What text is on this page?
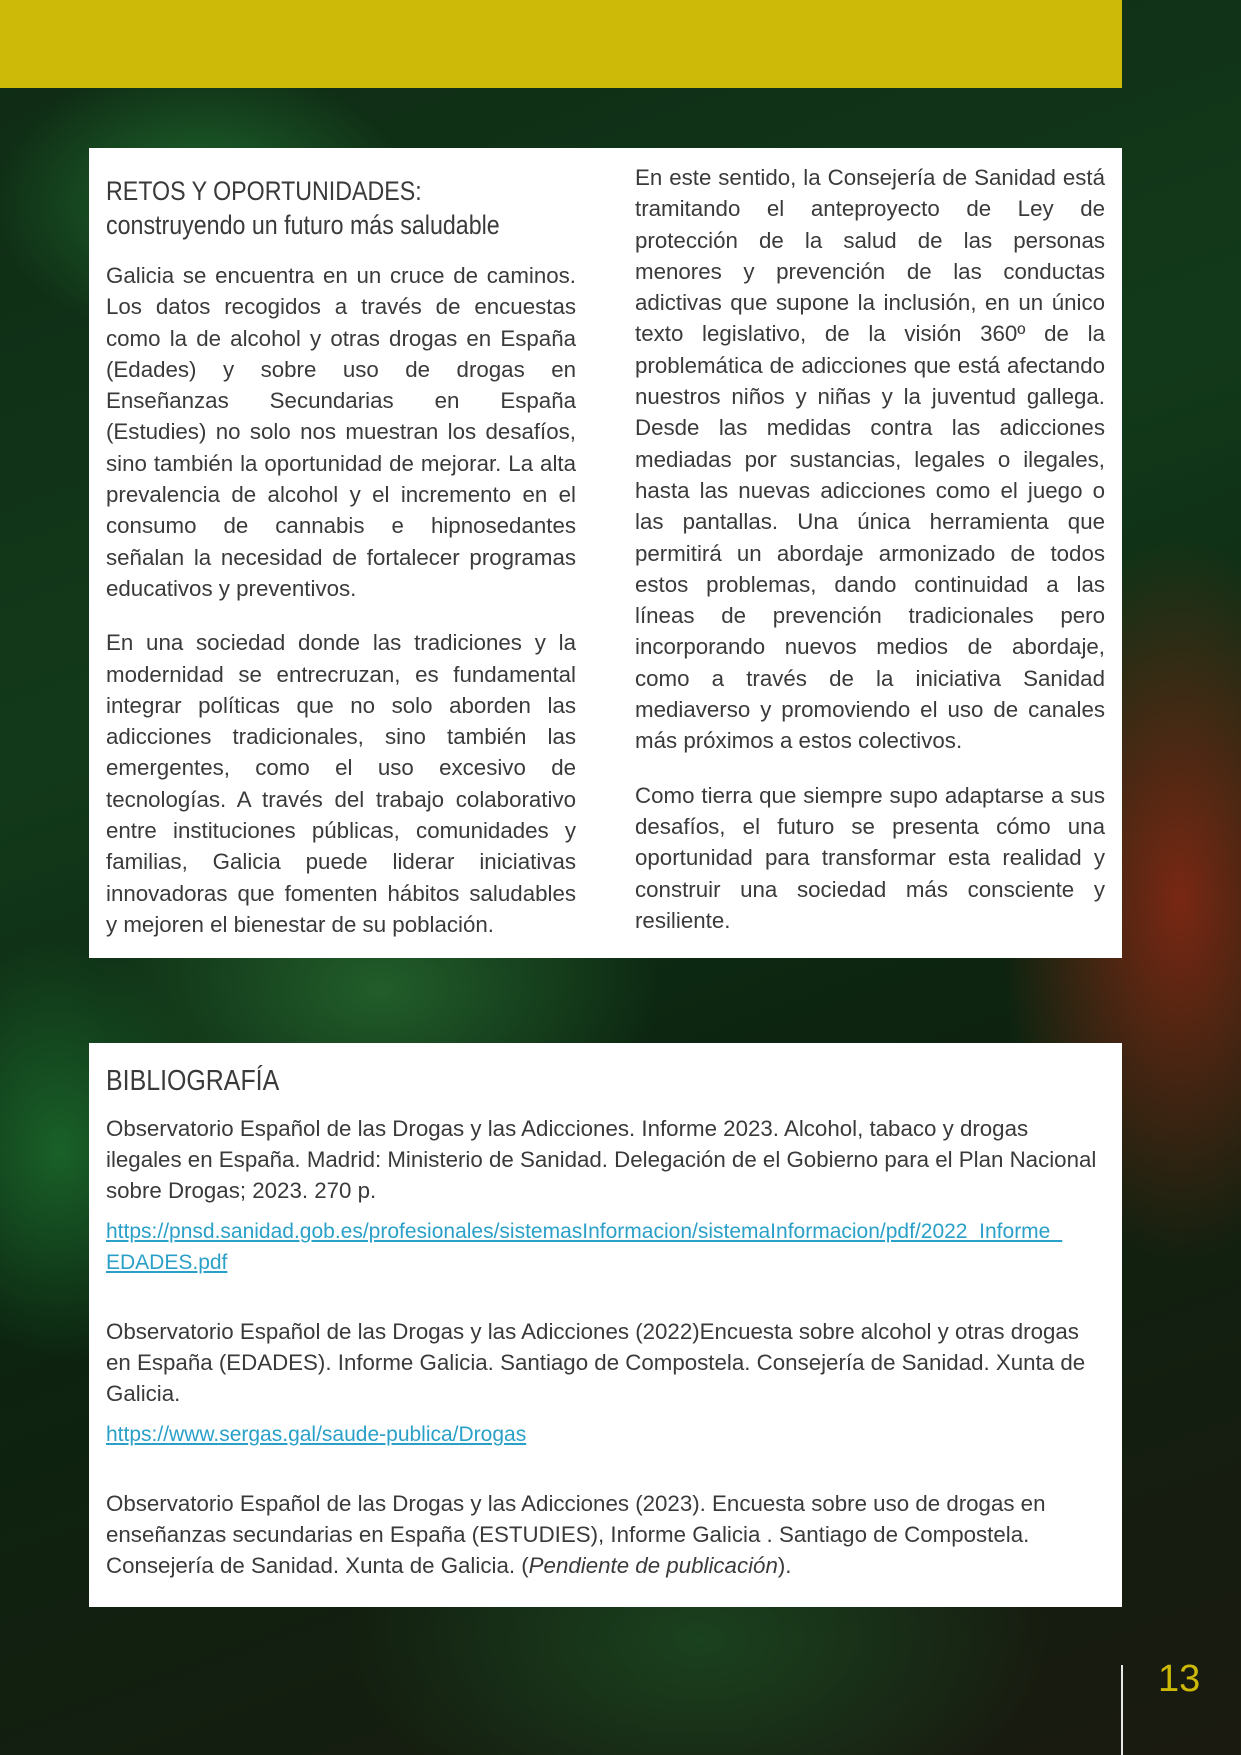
RETOS Y OPORTUNIDADES:
construyendo un futuro más saludable

Galicia se encuentra en un cruce de caminos. Los datos recogidos a través de encuestas como la de alcohol y otras drogas en España (Edades) y sobre uso de drogas en Enseñanzas Secundarias en España (Estudies) no solo nos muestran los desafíos, sino también la oportunidad de mejorar. La alta prevalencia de alcohol y el incremento en el consumo de cannabis e hipnosedantes señalan la necesidad de fortalecer programas educativos y preventivos.

En una sociedad donde las tradiciones y la modernidad se entrecruzan, es fundamental integrar políticas que no solo aborden las adicciones tradicionales, sino también las emergentes, como el uso excesivo de tecnologías. A través del trabajo colaborativo entre instituciones públicas, comunidades y familias, Galicia puede liderar iniciativas innovadoras que fomenten hábitos saludables y mejoren el bienestar de su población.

En este sentido, la Consejería de Sanidad está tramitando el anteproyecto de Ley de protección de la salud de las personas menores y prevención de las conductas adictivas que supone la inclusión, en un único texto legislativo, de la visión 360º de la problemática de adicciones que está afectando nuestros niños y niñas y la juventud gallega. Desde las medidas contra las adicciones mediadas por sustancias, legales o ilegales, hasta las nuevas adicciones como el juego o las pantallas. Una única herramienta que permitirá un abordaje armonizado de todos estos problemas, dando continuidad a las líneas de prevención tradicionales pero incorporando nuevos medios de abordaje, como a través de la iniciativa Sanidad mediaverso y promoviendo el uso de canales más próximos a estos colectivos.

Como tierra que siempre supo adaptarse a sus desafíos, el futuro se presenta cómo una oportunidad para transformar esta realidad y construir una sociedad más consciente y resiliente.

BIBLIOGRAFÍA

Observatorio Español de las Drogas y las Adicciones. Informe 2023. Alcohol, tabaco y drogas ilegales en España. Madrid: Ministerio de Sanidad. Delegación de el Gobierno para el Plan Nacional sobre Drogas; 2023. 270 p.

https://pnsd.sanidad.gob.es/profesionales/sistemasInformacion/sistemaInformacion/pdf/2022_Informe_EDADES.pdf

Observatorio Español de las Drogas y las Adicciones (2022)Encuesta sobre alcohol y otras drogas en España (EDADES). Informe Galicia. Santiago de Compostela. Consejería de Sanidad. Xunta de Galicia.

https://www.sergas.gal/saude-publica/Drogas

Observatorio Español de las Drogas y las Adicciones (2023). Encuesta sobre uso de drogas en enseñanzas secundarias en España (ESTUDIES), Informe Galicia . Santiago de Compostela. Consejería de Sanidad. Xunta de Galicia. (Pendiente de publicación).

13
